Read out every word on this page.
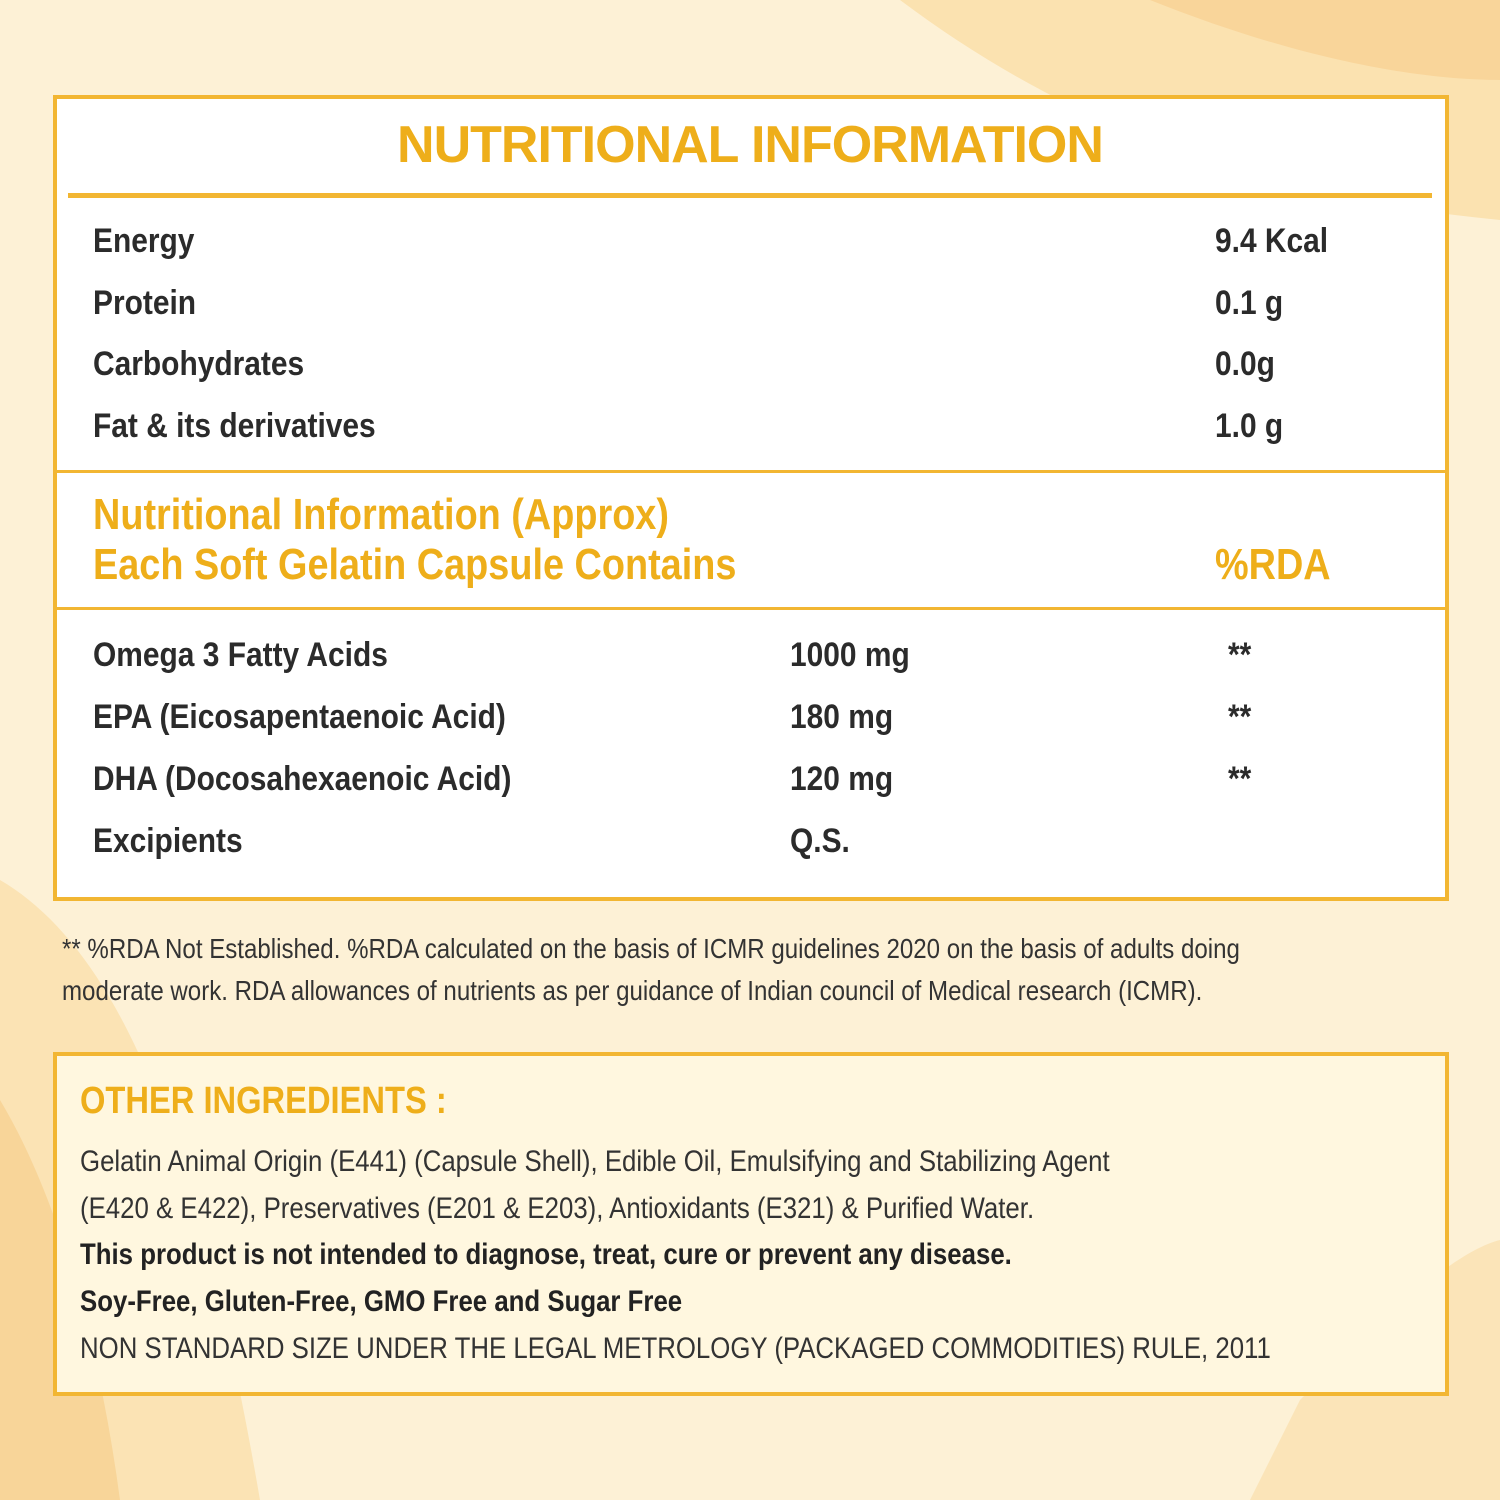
NUTRITIONAL INFORMATION
Energy	9.4 Kcal
Protein	0.1 g
Carbohydrates	0.0g
Fat & its derivatives	1.0 g
Nutritional Information (Approx)
Each Soft Gelatin Capsule Contains	%RDA
Omega 3 Fatty Acids	1000 mg	**
EPA (Eicosapentaenoic Acid)	180 mg	**
DHA (Docosahexaenoic Acid)	120 mg	**
Excipients	Q.S.
** %RDA Not Established. %RDA calculated on the basis of ICMR guidelines 2020 on the basis of adults doing
moderate work. RDA allowances of nutrients as per guidance of Indian council of Medical research (ICMR).
OTHER INGREDIENTS :
Gelatin Animal Origin (E441) (Capsule Shell), Edible Oil, Emulsifying and Stabilizing Agent
(E420 & E422), Preservatives (E201 & E203), Antioxidants (E321) & Purified Water.
This product is not intended to diagnose, treat, cure or prevent any disease.
Soy-Free, Gluten-Free, GMO Free and Sugar Free
NON STANDARD SIZE UNDER THE LEGAL METROLOGY (PACKAGED COMMODITIES) RULE, 2011
